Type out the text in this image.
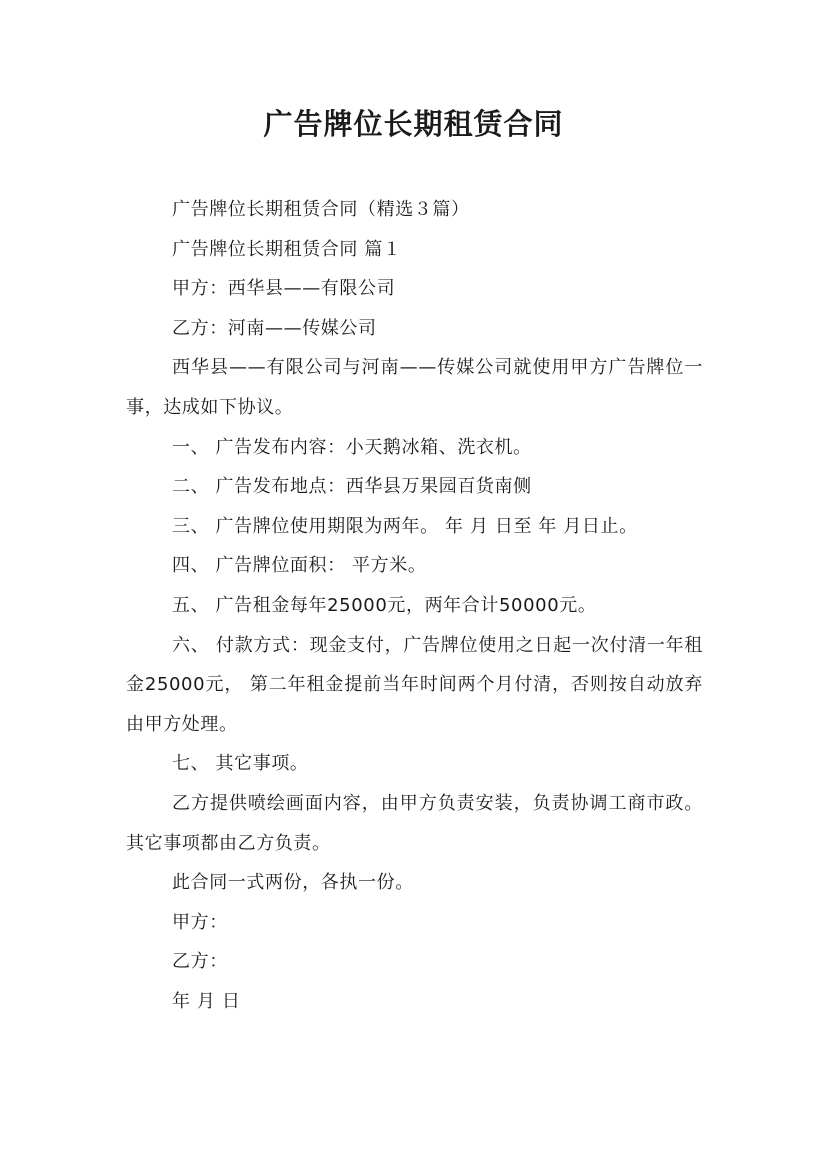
广告牌位长期租赁合同

广告牌位长期租赁合同（精选３篇）

广告牌位长期租赁合同 篇１

甲方：西华县——有限公司

乙方：河南——传媒公司

西华县——有限公司与河南——传媒公司就使用甲方广告牌位一事，达成如下协议。

一、 广告发布内容：小天鹅冰箱、洗衣机。

二、 广告发布地点：西华县万果园百货南侧

三、 广告牌位使用期限为两年。 年 月 日至 年 月日止。

四、 广告牌位面积： 平方米。

五、 广告租金每年25000元，两年合计50000元。

六、 付款方式：现金支付，广告牌位使用之日起一次付清一年租金25000元， 第二年租金提前当年时间两个月付清，否则按自动放弃由甲方处理。

七、 其它事项。

乙方提供喷绘画面内容，由甲方负责安装，负责协调工商市政。其它事项都由乙方负责。

此合同一式两份，各执一份。

甲方：

乙方：

年 月 日
